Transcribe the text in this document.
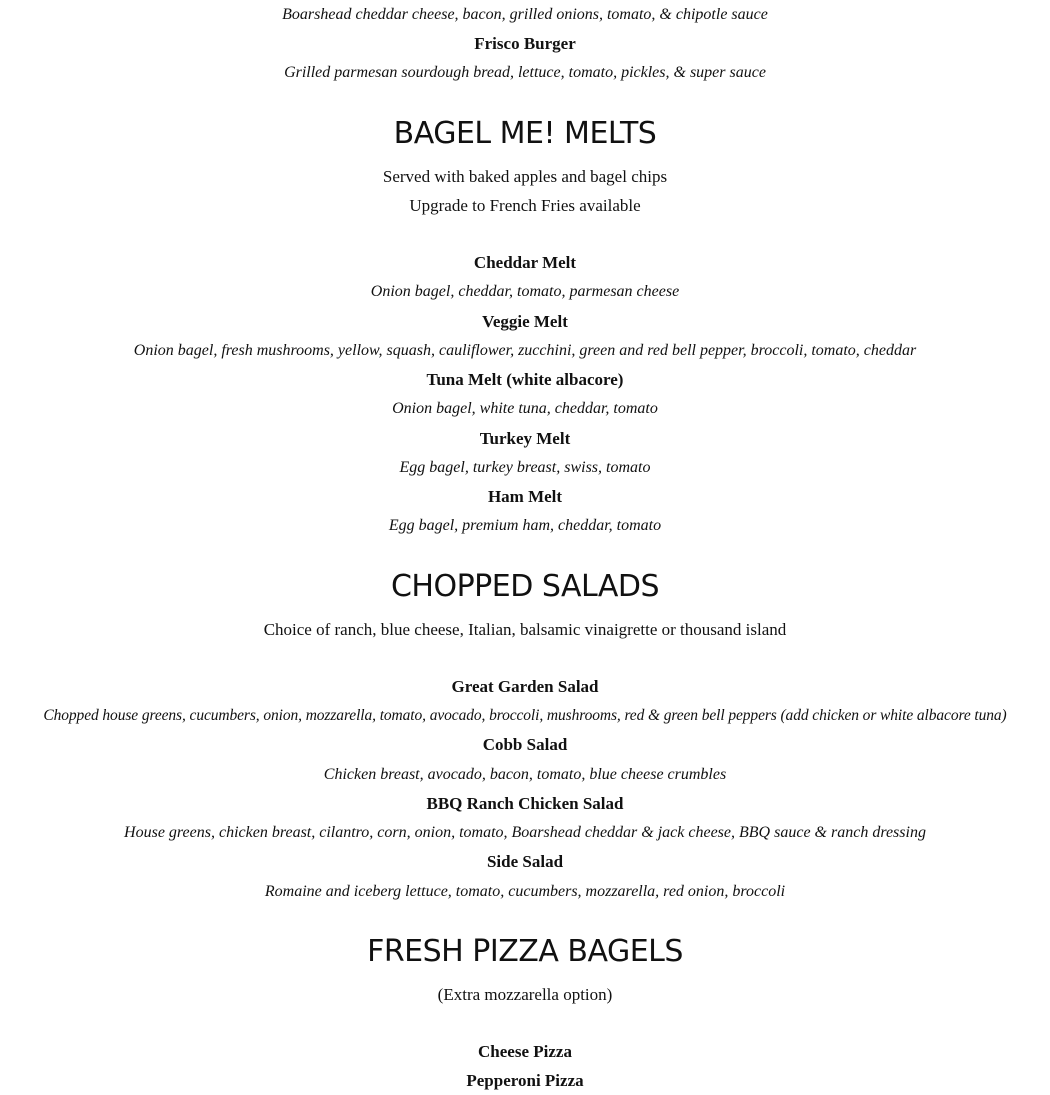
Boarshead cheddar cheese, bacon, grilled onions, tomato, & chipotle sauce
Frisco Burger
Grilled parmesan sourdough bread, lettuce, tomato, pickles, & super sauce
BAGEL ME! MELTS
Served with baked apples and bagel chips
Upgrade to French Fries available
Cheddar Melt
Onion bagel, cheddar, tomato, parmesan cheese
Veggie Melt
Onion bagel, fresh mushrooms, yellow, squash, cauliflower, zucchini, green and red bell pepper, broccoli, tomato, cheddar
Tuna Melt (white albacore)
Onion bagel, white tuna, cheddar, tomato
Turkey Melt
Egg bagel, turkey breast, swiss, tomato
Ham Melt
Egg bagel, premium ham, cheddar, tomato
CHOPPED SALADS
Choice of ranch, blue cheese, Italian, balsamic vinaigrette or thousand island
Great Garden Salad
Chopped house greens, cucumbers, onion, mozzarella, tomato, avocado, broccoli, mushrooms, red & green bell peppers (add chicken or white albacore tuna)
Cobb Salad
Chicken breast, avocado, bacon, tomato, blue cheese crumbles
BBQ Ranch Chicken Salad
House greens, chicken breast, cilantro, corn, onion, tomato, Boarshead cheddar & jack cheese, BBQ sauce & ranch dressing
Side Salad
Romaine and iceberg lettuce, tomato, cucumbers, mozzarella, red onion, broccoli
FRESH PIZZA BAGELS
(Extra mozzarella option)
Cheese Pizza
Pepperoni Pizza
